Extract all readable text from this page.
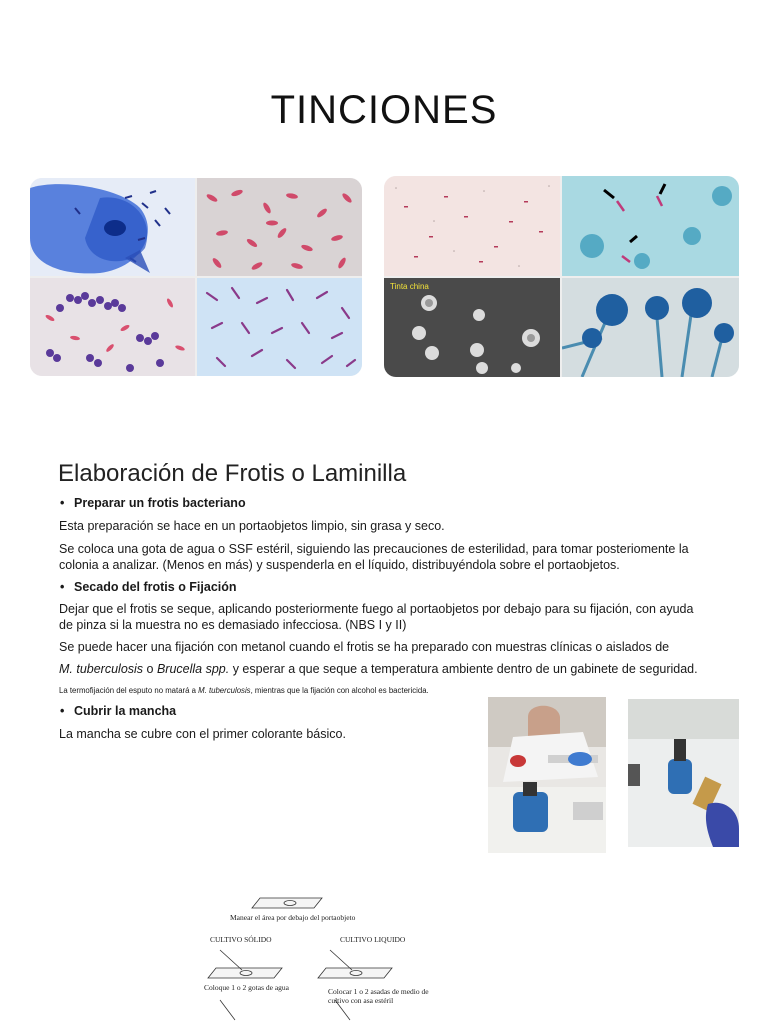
TINCIONES
Tinta china
Elaboración de Frotis o Laminilla
• Preparar un frotis bacteriano
Esta preparación se hace en un portaobjetos limpio, sin grasa y seco.
Se coloca una gota de agua o SSF estéril, siguiendo las precauciones de esterilidad, para tomar posteriomente la colonia a analizar. (Menos en más) y suspenderla en el líquido, distribuyéndola sobre el portaobjetos.
• Secado del frotis o Fijación
Dejar que el frotis se seque, aplicando posteriormente fuego al portaobjetos por debajo para su fijación, con ayuda de pinza si la muestra no es demasiado infecciosa. (NBS I y II)
Se puede hacer una fijación con metanol cuando el frotis se ha preparado con muestras clínicas o aislados de
M. tuberculosis o Brucella spp. y esperar a que seque a temperatura ambiente dentro de un gabinete de seguridad.
La termofijación del esputo no matará a M. tuberculosis, mientras que la fijación con alcohol es bactericida.
• Cubrir la mancha
La mancha se cubre con el primer colorante básico.
Manear el área por debajo del portaobjeto
CULTIVO SÓLIDO	CULTIVO LIQUIDO
Coloque 1 o 2 gotas de agua	Colocar 1 o 2 asadas de medio de
cultivo con asa estéril
